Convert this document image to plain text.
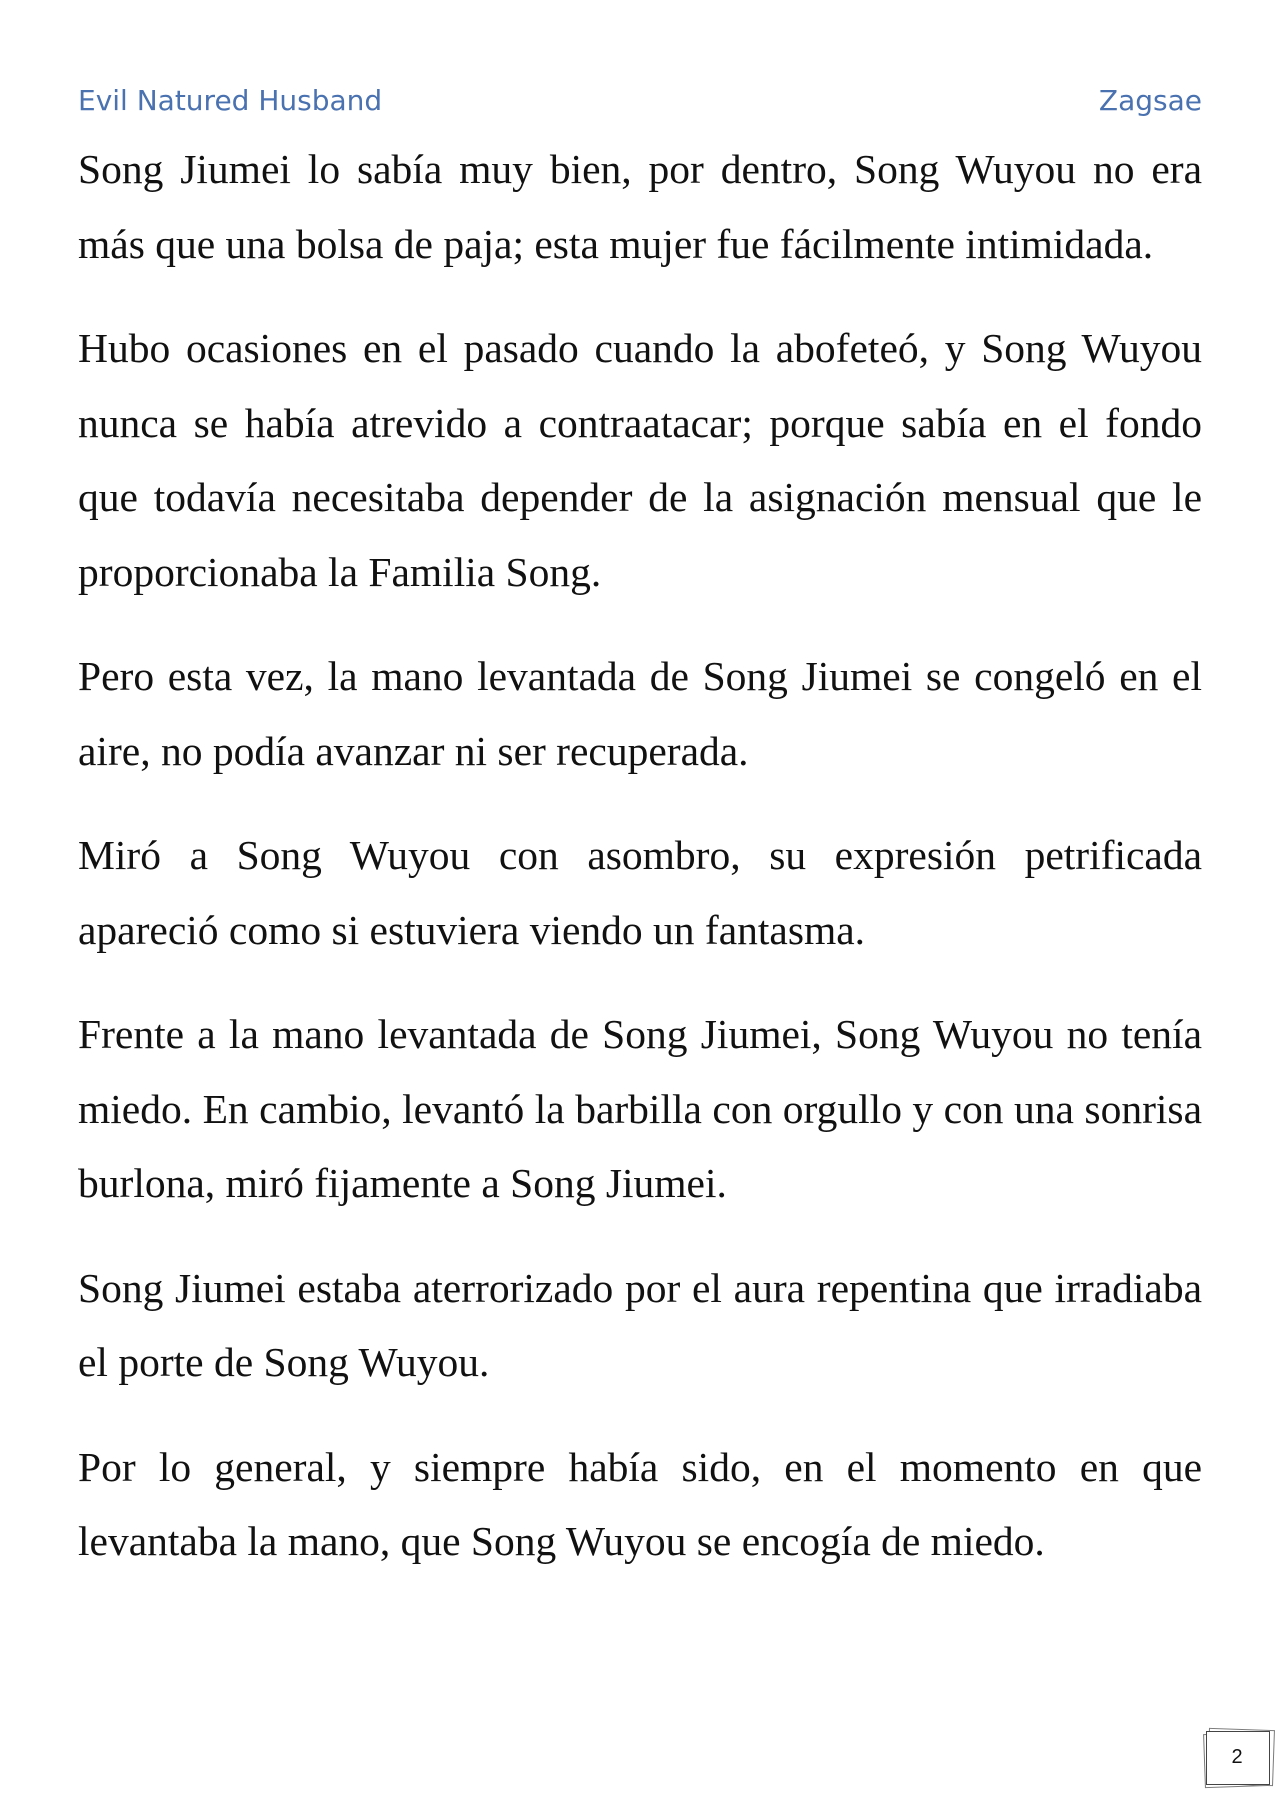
Evil Natured Husband	Zagsae

Song Jiumei lo sabía muy bien, por dentro, Song Wuyou no era más que una bolsa de paja; esta mujer fue fácilmente intimidada.

Hubo ocasiones en el pasado cuando la abofeteó, y Song Wuyou nunca se había atrevido a contraatacar; porque sabía en el fondo que todavía necesitaba depender de la asignación mensual que le proporcionaba la Familia Song.

Pero esta vez, la mano levantada de Song Jiumei se congeló en el aire, no podía avanzar ni ser recuperada.

Miró a Song Wuyou con asombro, su expresión petrificada apareció como si estuviera viendo un fantasma.

Frente a la mano levantada de Song Jiumei, Song Wuyou no tenía miedo. En cambio, levantó la barbilla con orgullo y con una sonrisa burlona, miró fijamente a Song Jiumei.

Song Jiumei estaba aterrorizado por el aura repentina que irradiaba el porte de Song Wuyou.

Por lo general, y siempre había sido, en el momento en que levantaba la mano, que Song Wuyou se encogía de miedo.

2
